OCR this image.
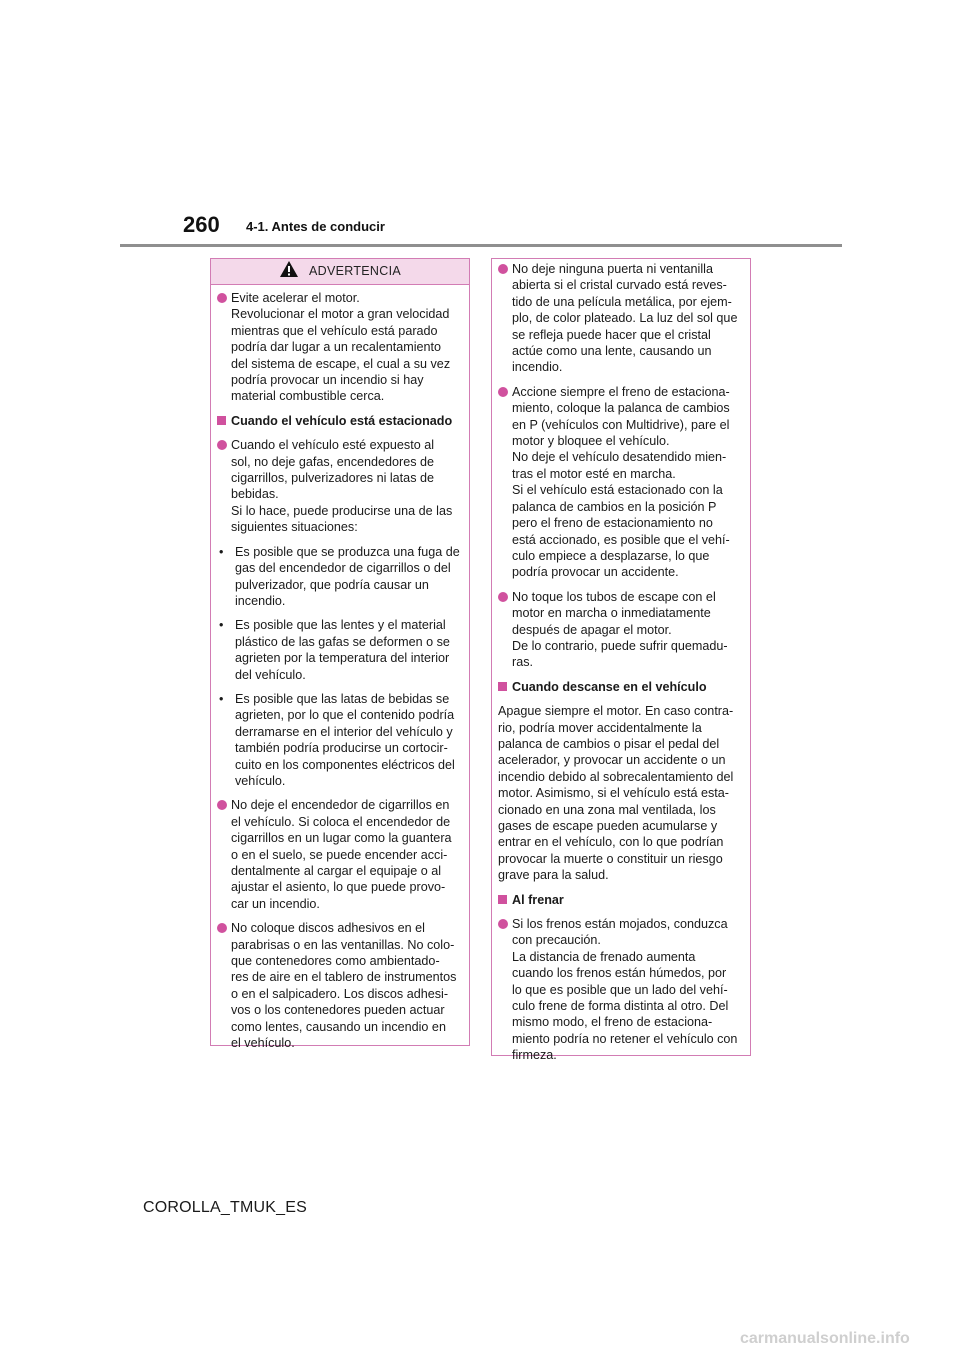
260 4-1. Antes de conducir
ADVERTENCIA
Evite acelerar el motor.
Revolucionar el motor a gran velocidad
mientras que el vehículo está parado
podría dar lugar a un recalentamiento
del sistema de escape, el cual a su vez
podría provocar un incendio si hay
material combustible cerca.
Cuando el vehículo está estacionado
Cuando el vehículo esté expuesto al
sol, no deje gafas, encendedores de
cigarrillos, pulverizadores ni latas de
bebidas.
Si lo hace, puede producirse una de las
siguientes situaciones:
• Es posible que se produzca una fuga de
gas del encendedor de cigarrillos o del
pulverizador, que podría causar un
incendio.
• Es posible que las lentes y el material
plástico de las gafas se deformen o se
agrieten por la temperatura del interior
del vehículo.
• Es posible que las latas de bebidas se
agrieten, por lo que el contenido podría
derramarse en el interior del vehículo y
también podría producirse un cortocir-
cuito en los componentes eléctricos del
vehículo.
No deje el encendedor de cigarrillos en
el vehículo. Si coloca el encendedor de
cigarrillos en un lugar como la guantera
o en el suelo, se puede encender acci-
dentalmente al cargar el equipaje o al
ajustar el asiento, lo que puede provo-
car un incendio.
No coloque discos adhesivos en el
parabrisas o en las ventanillas. No colo-
que contenedores como ambientado-
res de aire en el tablero de instrumentos
o en el salpicadero. Los discos adhesi-
vos o los contenedores pueden actuar
como lentes, causando un incendio en
el vehículo.
No deje ninguna puerta ni ventanilla
abierta si el cristal curvado está reves-
tido de una película metálica, por ejem-
plo, de color plateado. La luz del sol que
se refleja puede hacer que el cristal
actúe como una lente, causando un
incendio.
Accione siempre el freno de estaciona-
miento, coloque la palanca de cambios
en P (vehículos con Multidrive), pare el
motor y bloquee el vehículo.
No deje el vehículo desatendido mien-
tras el motor esté en marcha.
Si el vehículo está estacionado con la
palanca de cambios en la posición P
pero el freno de estacionamiento no
está accionado, es posible que el vehí-
culo empiece a desplazarse, lo que
podría provocar un accidente.
No toque los tubos de escape con el
motor en marcha o inmediatamente
después de apagar el motor.
De lo contrario, puede sufrir quemadu-
ras.
Cuando descanse en el vehículo
Apague siempre el motor. En caso contra-
rio, podría mover accidentalmente la
palanca de cambios o pisar el pedal del
acelerador, y provocar un accidente o un
incendio debido al sobrecalentamiento del
motor. Asimismo, si el vehículo está esta-
cionado en una zona mal ventilada, los
gases de escape pueden acumularse y
entrar en el vehículo, con lo que podrían
provocar la muerte o constituir un riesgo
grave para la salud.
Al frenar
Si los frenos están mojados, conduzca
con precaución.
La distancia de frenado aumenta
cuando los frenos están húmedos, por
lo que es posible que un lado del vehí-
culo frene de forma distinta al otro. Del
mismo modo, el freno de estaciona-
miento podría no retener el vehículo con
firmeza.
COROLLA_TMUK_ES
carmanualsonline.info
